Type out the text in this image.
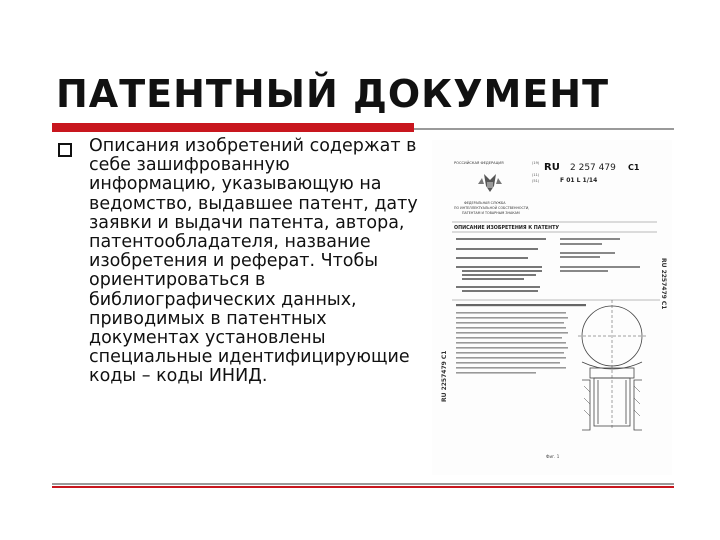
ПАТЕНТНЫЙ ДОКУМЕНТ
Описания изобретений содержат в себе зашифрованную информацию, указывающую на ведомство, выдавшее патент, дату заявки и выдачи патента, автора, патентообладателя, название изобретения и реферат. Чтобы ориентироваться в библиографических данных, приводимых в патентных документах установлены специальные идентифицирующие коды – коды ИНИД.
РОССИЙСКАЯ ФЕДЕРАЦИЯ	RU 2 257 479 C1
F 01 L 1/14
(19)
(11)
(51)
ФЕДЕРАЛЬНАЯ СЛУЖБА
ПО ИНТЕЛЛЕКТУАЛЬНОЙ СОБСТВЕННОСТИ,
ПАТЕНТАМ И ТОВАРНЫМ ЗНАКАМ
ОПИСАНИЕ ИЗОБРЕТЕНИЯ К ПАТЕНТУ
Фиг. 1
RU 2257479 C1
RU 2257479 C1
